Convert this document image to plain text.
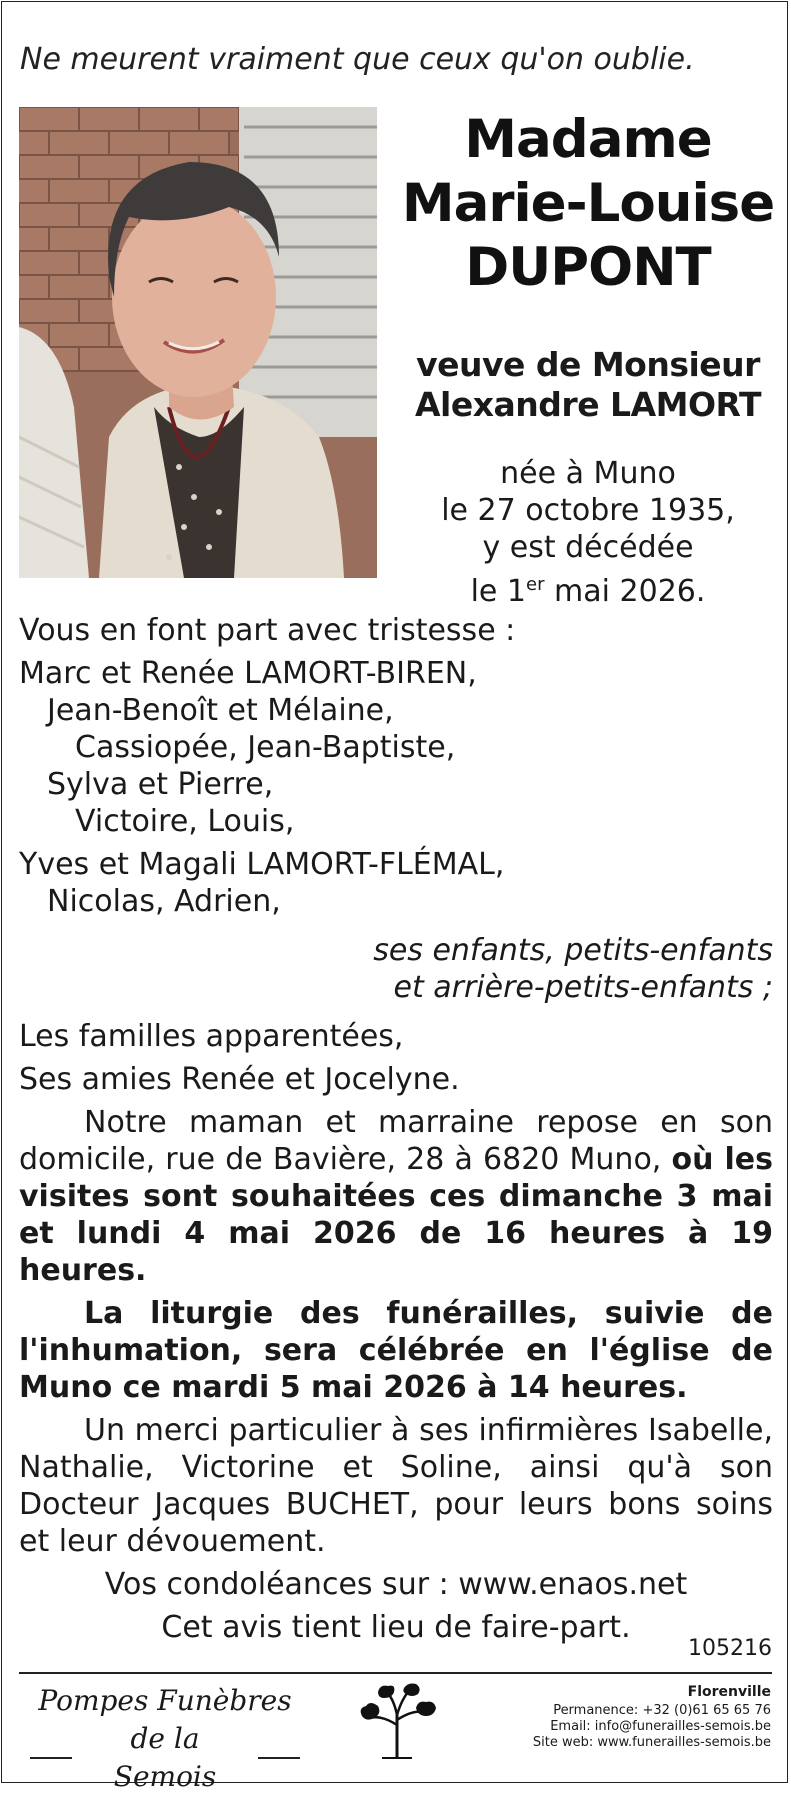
Ne meurent vraiment que ceux qu'on oublie.
Madame
Marie-Louise
DUPONT
veuve de Monsieur
Alexandre LAMORT
née à Muno
le 27 octobre 1935,
y est décédée
le 1er mai 2026.

Vous en font part avec tristesse :

Marc et Renée LAMORT-BIREN,

Jean-Benoît et Mélaine,

Cassiopée, Jean-Baptiste,

Sylva et Pierre,

Victoire, Louis,

Yves et Magali LAMORT-FLÉMAL,

Nicolas, Adrien,

ses enfants, petits-enfants

et arrière-petits-enfants ;

Les familles apparentées,

Ses amies Renée et Jocelyne.

Notre maman et marraine repose en son domicile, rue de Bavière, 28 à 6820 Muno, où les visites sont souhaitées ces dimanche 3 mai et lundi 4 mai 2026 de 16 heures à 19 heures.

La liturgie des funérailles, suivie de l'inhumation, sera célébrée en l'église de Muno ce mardi 5 mai 2026 à 14 heures.

Un merci particulier à ses infirmières Isabelle, Nathalie, Victorine et Soline, ainsi qu'à son Docteur Jacques BUCHET, pour leurs bons soins et leur dévouement.

Vos condoléances sur : www.enaos.net

Cet avis tient lieu de faire-part.

105216
Pompes Funèbres
de la Semois
Florenville
Permanence: +32 (0)61 65 65 76
Email: info@funerailles-semois.be
Site web: www.funerailles-semois.be
